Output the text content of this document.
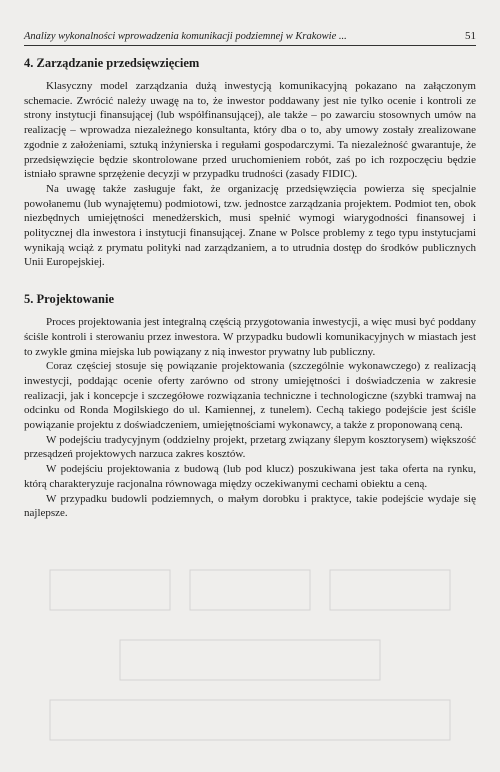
Analizy wykonalności wprowadzenia komunikacji podziemnej w Krakowie ...	51
4. Zarządzanie przedsięwzięciem

Klasyczny model zarządzania dużą inwestycją komunikacyjną pokazano na załączonym schemacie. Zwrócić należy uwagę na to, że inwestor poddawany jest nie tylko ocenie i kontroli ze strony instytucji finansującej (lub współfinansującej), ale także – po zawarciu stosownych umów na realizację – wprowadza niezależnego konsultanta, który dba o to, aby umowy zostały zrealizowane zgodnie z założeniami, sztuką inżynierska i regułami gospodarczymi. Ta niezależność gwarantuje, że przedsięwzięcie będzie skontrolowane przed uruchomieniem robót, zaś po ich rozpoczęciu będzie istniało sprawne sprzężenie decyzji w przypadku trudności (zasady FIDIC).

Na uwagę także zasługuje fakt, że organizację przedsięwzięcia powierza się specjalnie powołanemu (lub wynajętemu) podmiotowi, tzw. jednostce zarządzania projektem. Podmiot ten, obok niezbędnych umiejętności menedżerskich, musi spełnić wymogi wiarygodności finansowej i politycznej dla inwestora i instytucji finansującej. Znane w Polsce problemy z tego typu instytucjami wynikają wciąż z prymatu polityki nad zarządzaniem, a to utrudnia dostęp do środków publicznych Unii Europejskiej.

5. Projektowanie

Proces projektowania jest integralną częścią przygotowania inwestycji, a więc musi być poddany ściśle kontroli i sterowaniu przez inwestora. W przypadku budowli komunikacyjnych w miastach jest to zwykle gmina miejska lub powiązany z nią inwestor prywatny lub publiczny.

Coraz częściej stosuje się powiązanie projektowania (szczególnie wykonawczego) z realizacją inwestycji, poddając ocenie oferty zarówno od strony umiejętności i doświadczenia w zakresie realizacji, jak i koncepcje i szczegółowe rozwiązania techniczne i technologiczne (szybki tramwaj na odcinku od Ronda Mogilskiego do ul. Kamiennej, z tunelem). Cechą takiego podejście jest ściśle powiązanie projektu z doświadczeniem, umiejętnościami wykonawcy, a także z proponowaną ceną.

W podejściu tradycyjnym (oddzielny projekt, przetarg związany ślepym kosztorysem) większość przesądzeń projektowych narzuca zakres kosztów.

W podejściu projektowania z budową (lub pod klucz) poszukiwana jest taka oferta na rynku, którą charakteryzuje racjonalna równowaga między oczekiwanymi cechami obiektu a ceną.

W przypadku budowli podziemnych, o małym dorobku i praktyce, takie podejście wydaje się najlepsze.
